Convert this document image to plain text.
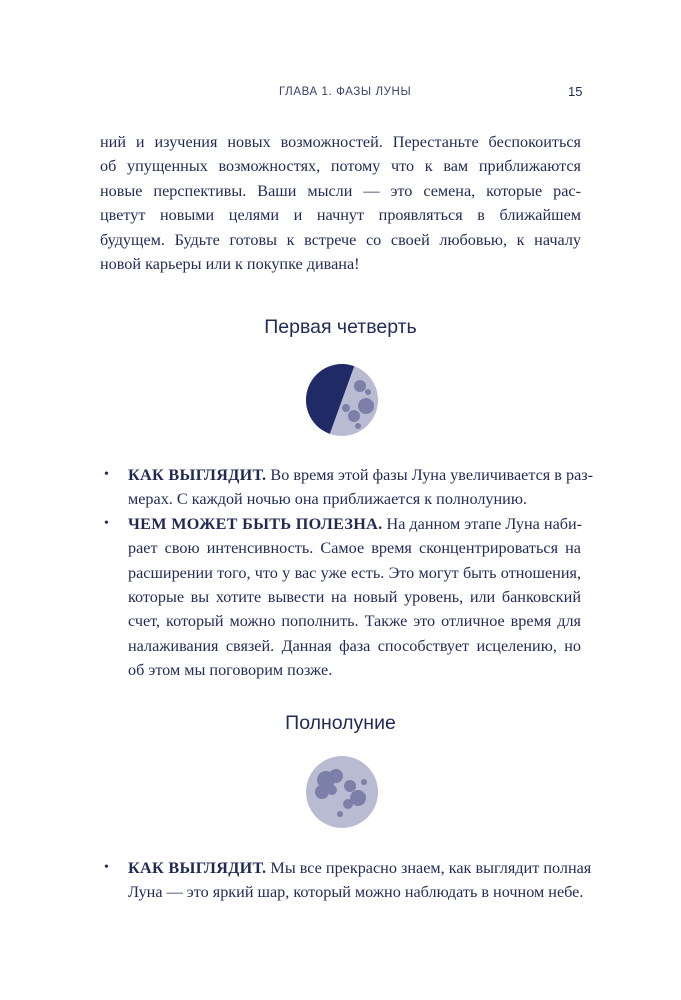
ГЛАВА 1. ФАЗЫ ЛУНЫ	15
ний и изучения новых возможностей. Перестаньте беспокоиться
об упущенных возможностях, потому что к вам приближаются
новые перспективы. Ваши мысли — это семена, которые рас-
цветут новыми целями и начнут проявляться в ближайшем
будущем. Будьте готовы к встрече со своей любовью, к началу
новой карьеры или к покупке дивана!
Первая четверть
• КАК ВЫГЛЯДИТ. Во время этой фазы Луна увеличивается в раз-
мерах. С каждой ночью она приближается к полнолунию.
• ЧЕМ МОЖЕТ БЫТЬ ПОЛЕЗНА. На данном этапе Луна наби-
рает свою интенсивность. Самое время сконцентрироваться на
расширении того, что у вас уже есть. Это могут быть отношения,
которые вы хотите вывести на новый уровень, или банковский
счет, который можно пополнить. Также это отличное время для
налаживания связей. Данная фаза способствует исцелению, но
об этом мы поговорим позже.
Полнолуние
• КАК ВЫГЛЯДИТ. Мы все прекрасно знаем, как выглядит полная
Луна — это яркий шар, который можно наблюдать в ночном небе.
